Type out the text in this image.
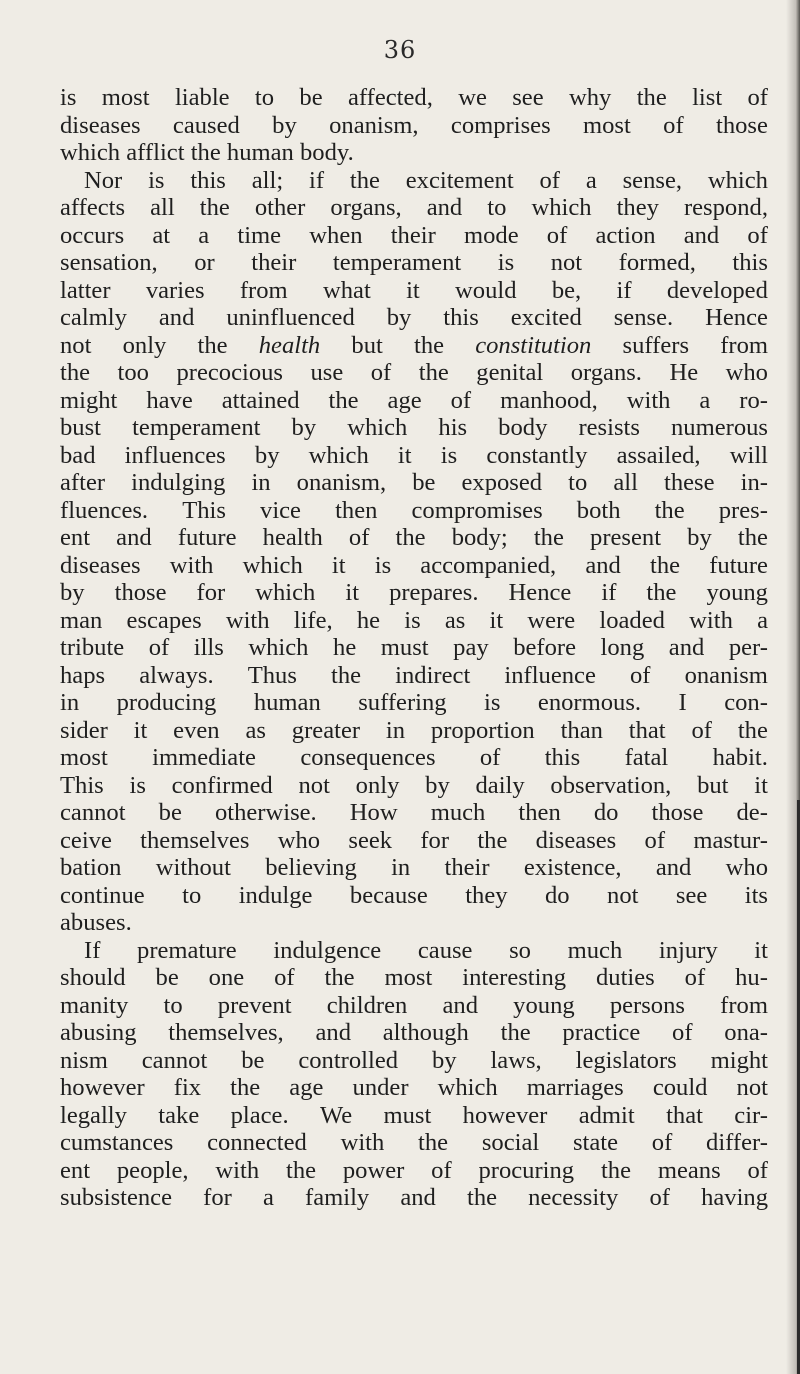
36
is most liable to be affected, we see why the list of
diseases caused by onanism, comprises most of those
which afflict the human body.
Nor is this all; if the excitement of a sense, which
affects all the other organs, and to which they respond,
occurs at a time when their mode of action and of
sensation, or their temperament is not formed, this
latter varies from what it would be, if developed
calmly and uninfluenced by this excited sense. Hence
not only the health but the constitution suffers from
the too precocious use of the genital organs. He who
might have attained the age of manhood, with a ro-
bust temperament by which his body resists numerous
bad influences by which it is constantly assailed, will
after indulging in onanism, be exposed to all these in-
fluences. This vice then compromises both the pres-
ent and future health of the body; the present by the
diseases with which it is accompanied, and the future
by those for which it prepares. Hence if the young
man escapes with life, he is as it were loaded with a
tribute of ills which he must pay before long and per-
haps always. Thus the indirect influence of onanism
in producing human suffering is enormous. I con-
sider it even as greater in proportion than that of the
most immediate consequences of this fatal habit.
This is confirmed not only by daily observation, but it
cannot be otherwise. How much then do those de-
ceive themselves who seek for the diseases of mastur-
bation without believing in their existence, and who
continue to indulge because they do not see its
abuses.
If premature indulgence cause so much injury it
should be one of the most interesting duties of hu-
manity to prevent children and young persons from
abusing themselves, and although the practice of ona-
nism cannot be controlled by laws, legislators might
however fix the age under which marriages could not
legally take place. We must however admit that cir-
cumstances connected with the social state of differ-
ent people, with the power of procuring the means of
subsistence for a family and the necessity of having
